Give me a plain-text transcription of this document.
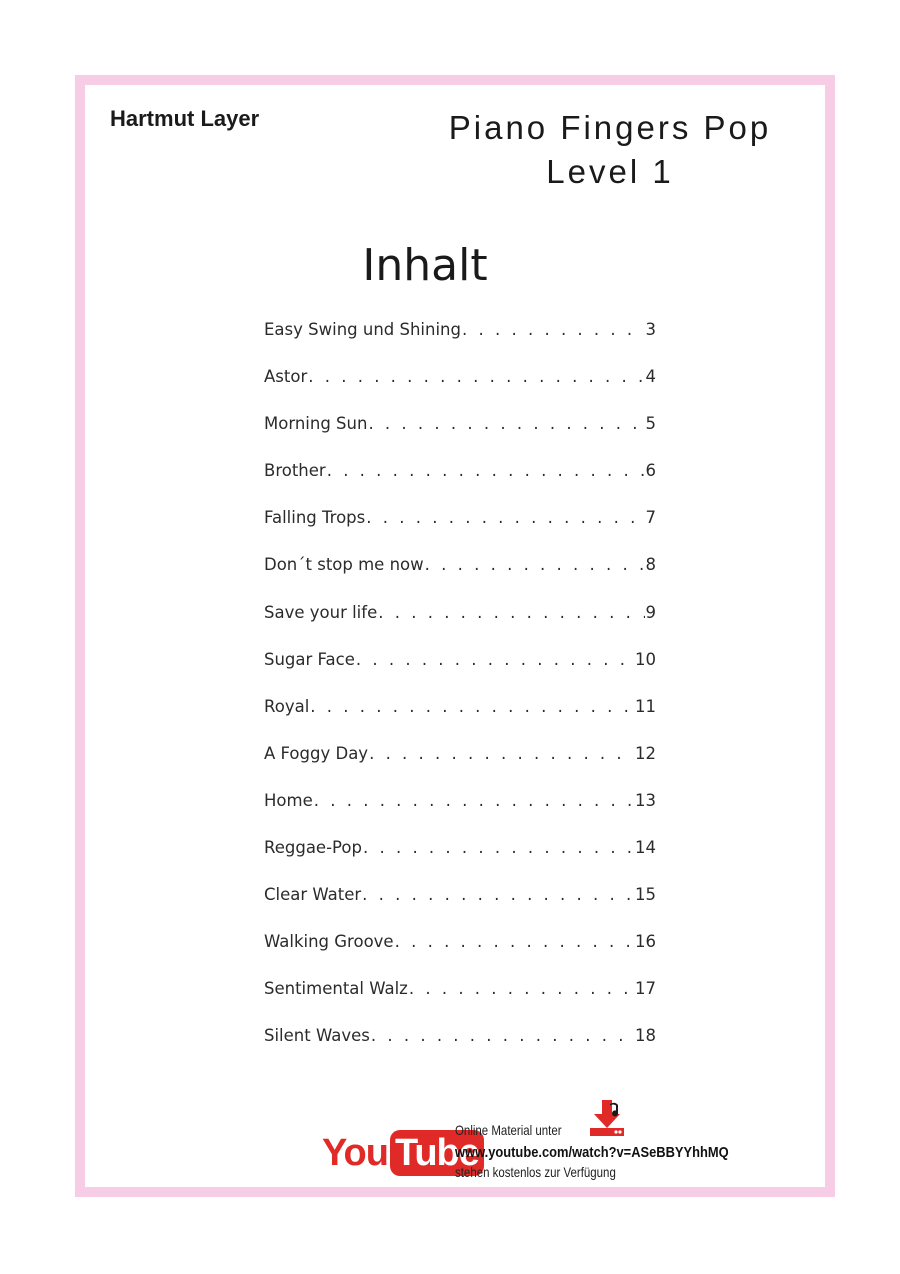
Hartmut Layer	Piano Fingers Pop
Level 1
Inhalt
Easy Swing und Shining . . .	3
Astor . . .	4
Morning Sun . . .	5
Brother . . .	6
Falling Trops . . .	7
Don´t stop me now . . .	8
Save your life . . .	9
Sugar Face . . .	10
Royal . . .	11
A Foggy Day . . .	12
Home . . .	13
Reggae-Pop . . .	14
Clear Water . . .	15
Walking Groove . . .	16
Sentimental Walz . . .	17
Silent Waves . . .	18
You Tube
Online Material unter
www.youtube.com/watch?v=ASeBBYYhhMQ
stehen kostenlos zur Verfügung
